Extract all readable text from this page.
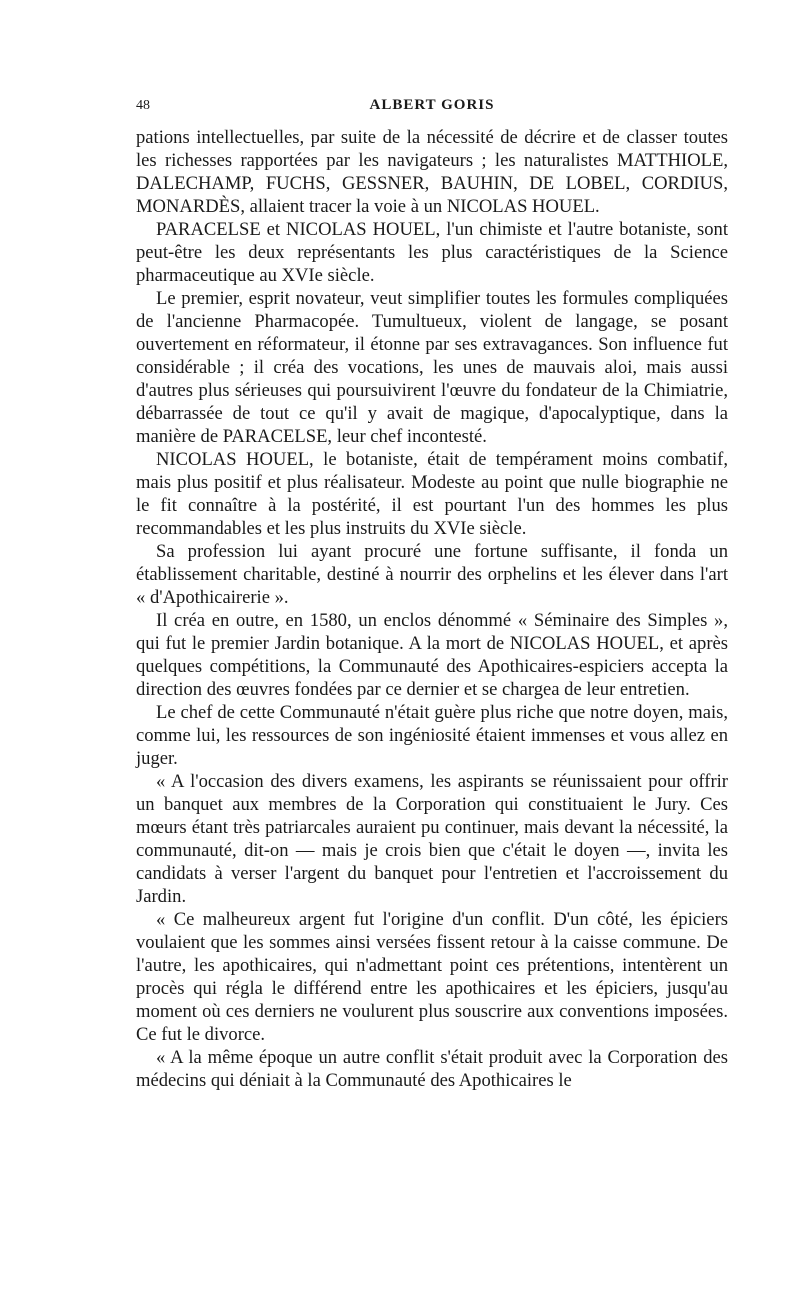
48	ALBERT GORIS

pations intellectuelles, par suite de la nécessité de décrire et de classer toutes les richesses rapportées par les navigateurs ; les naturalistes MATTHIOLE, DALECHAMP, FUCHS, GESSNER, BAUHIN, DE LOBEL, CORDIUS, MONARDÈS, allaient tracer la voie à un NICOLAS HOUEL.

PARACELSE et NICOLAS HOUEL, l'un chimiste et l'autre botaniste, sont peut-être les deux représentants les plus caractéristiques de la Science pharmaceutique au XVIe siècle.

Le premier, esprit novateur, veut simplifier toutes les formules compliquées de l'ancienne Pharmacopée. Tumultueux, violent de langage, se posant ouvertement en réformateur, il étonne par ses extravagances. Son influence fut considérable ; il créa des vocations, les unes de mauvais aloi, mais aussi d'autres plus sérieuses qui poursuivirent l'œuvre du fondateur de la Chimiatrie, débarrassée de tout ce qu'il y avait de magique, d'apocalyptique, dans la manière de PARACELSE, leur chef incontesté.

NICOLAS HOUEL, le botaniste, était de tempérament moins combatif, mais plus positif et plus réalisateur. Modeste au point que nulle biographie ne le fit connaître à la postérité, il est pourtant l'un des hommes les plus recommandables et les plus instruits du XVIe siècle.

Sa profession lui ayant procuré une fortune suffisante, il fonda un établissement charitable, destiné à nourrir des orphelins et les élever dans l'art « d'Apothicairerie ».

Il créa en outre, en 1580, un enclos dénommé « Séminaire des Simples », qui fut le premier Jardin botanique. A la mort de NICOLAS HOUEL, et après quelques compétitions, la Communauté des Apothicaires-espiciers accepta la direction des œuvres fondées par ce dernier et se chargea de leur entretien.

Le chef de cette Communauté n'était guère plus riche que notre doyen, mais, comme lui, les ressources de son ingéniosité étaient immenses et vous allez en juger.

« A l'occasion des divers examens, les aspirants se réunissaient pour offrir un banquet aux membres de la Corporation qui constituaient le Jury. Ces mœurs étant très patriarcales auraient pu continuer, mais devant la nécessité, la communauté, dit-on — mais je crois bien que c'était le doyen —, invita les candidats à verser l'argent du banquet pour l'entretien et l'accroissement du Jardin.

« Ce malheureux argent fut l'origine d'un conflit. D'un côté, les épiciers voulaient que les sommes ainsi versées fissent retour à la caisse commune. De l'autre, les apothicaires, qui n'admettant point ces prétentions, intentèrent un procès qui régla le différend entre les apothicaires et les épiciers, jusqu'au moment où ces derniers ne voulurent plus souscrire aux conventions imposées. Ce fut le divorce.

« A la même époque un autre conflit s'était produit avec la Corporation des médecins qui déniait à la Communauté des Apothicaires le
